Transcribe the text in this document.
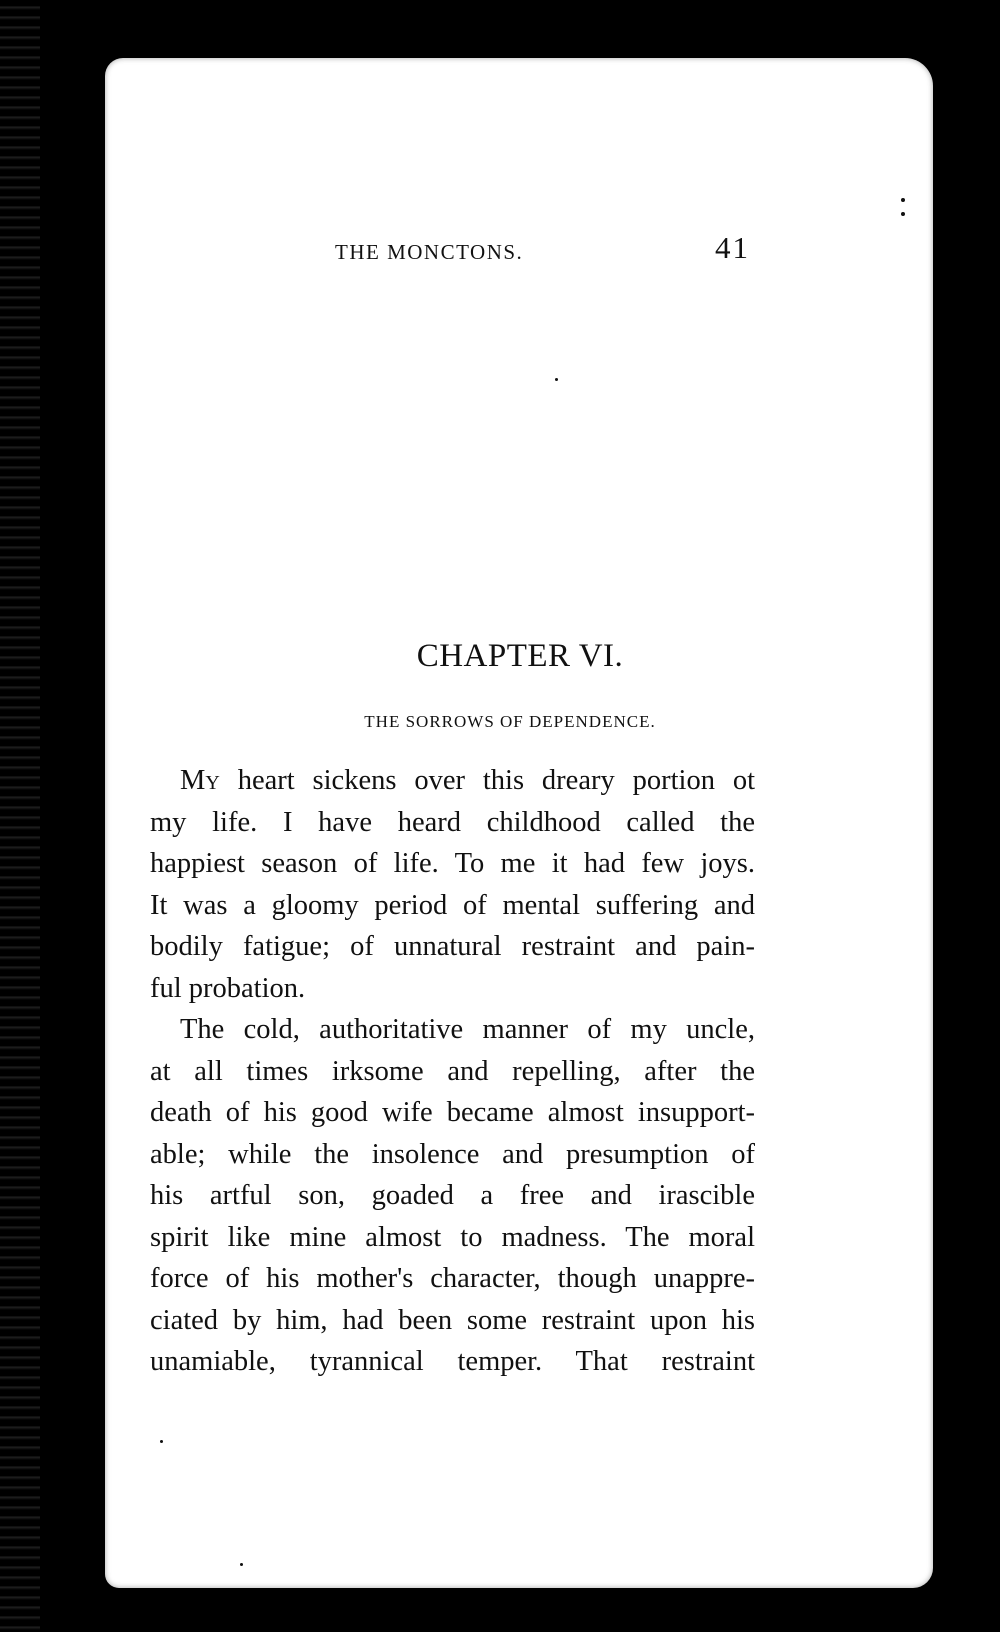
THE MONCTONS.	41
CHAPTER VI.
THE SORROWS OF DEPENDENCE.

My heart sickens over this dreary portion ot

my life. I have heard childhood called the

happiest season of life. To me it had few joys.

It was a gloomy period of mental suffering and

bodily fatigue; of unnatural restraint and pain-

ful probation.

The cold, authoritative manner of my uncle,

at all times irksome and repelling, after the

death of his good wife became almost insupport-

able; while the insolence and presumption of

his artful son, goaded a free and irascible

spirit like mine almost to madness. The moral

force of his mother's character, though unappre-

ciated by him, had been some restraint upon his

unamiable, tyrannical temper. That restraint
